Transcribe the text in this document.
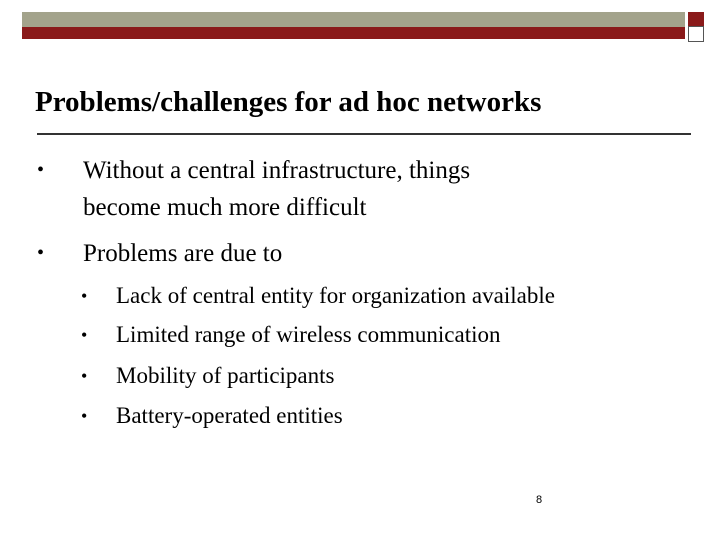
Problems/challenges for ad hoc networks
• Without a central infrastructure, things
become much more difficult
• Problems are due to
• Lack of central entity for organization available
• Limited range of wireless communication
• Mobility of participants
• Battery-operated entities
8
